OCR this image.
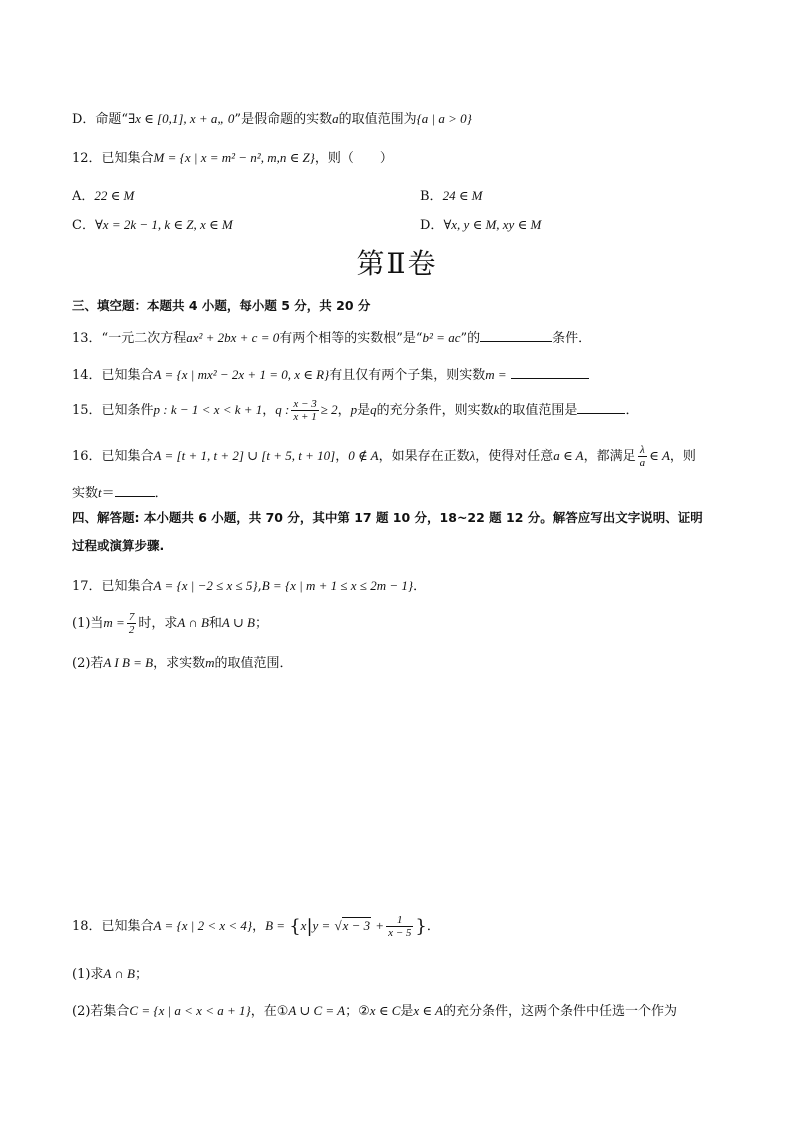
D．命题“∃x ∈ [0,1], x + a„ 0”是假命题的实数a的取值范围为{a | a > 0}
12．已知集合M = {x | x = m² − n², m,n ∈ Z}，则（　　）
A．22 ∈ M	B．24 ∈ M
C．∀x = 2k − 1, k ∈ Z, x ∈ M	D．∀x, y ∈ M, xy ∈ M
第Ⅱ卷
三、填空题：本题共 4 小题，每小题 5 分，共 20 分
13．“一元二次方程ax² + 2bx + c = 0有两个相等的实数根”是“b² = ac”的	条件．
14．已知集合A = {x | mx² − 2x + 1 = 0, x ∈ R}有且仅有两个子集，则实数m =
15．已知条件p : k − 1 < x < k + 1，q : $\frac{x - 3}{x + 1} \ge 2$，p是q的充分条件，则实数k的取值范围是	．
16．已知集合A = [t + 1, t + 2] ∪ [t + 5, t + 10]，0 ∉ A，如果存在正数λ，使得对任意a ∈ A，都满足 $\frac{\lambda}{a}$ ∈ A，则
实数t＝	．
四、解答题: 本小题共 6 小题，共 70 分，其中第 17 题 10 分，18~22 题 12 分。解答应写出文字说明、证明
过程或演算步骤.
17．已知集合A = {x | −2 ≤ x ≤ 5},B = {x | m + 1 ≤ x ≤ 2m − 1}．
(1)当$m = \frac{7}{2}$ 时，求A ∩ B和A ∪ B；
(2)若A I B = B，求实数m的取值范围．
18．已知集合A = {x | 2 < x < 4}，$B = \{x|y = √x - 3 + \frac{1}{x - 5}$ }．
(1)求A ∩ B；
(2)若集合C = {x | a < x < a + 1}，在①A ∪ C = A；②x ∈ C是x ∈ A的充分条件，这两个条件中任选一个作为
